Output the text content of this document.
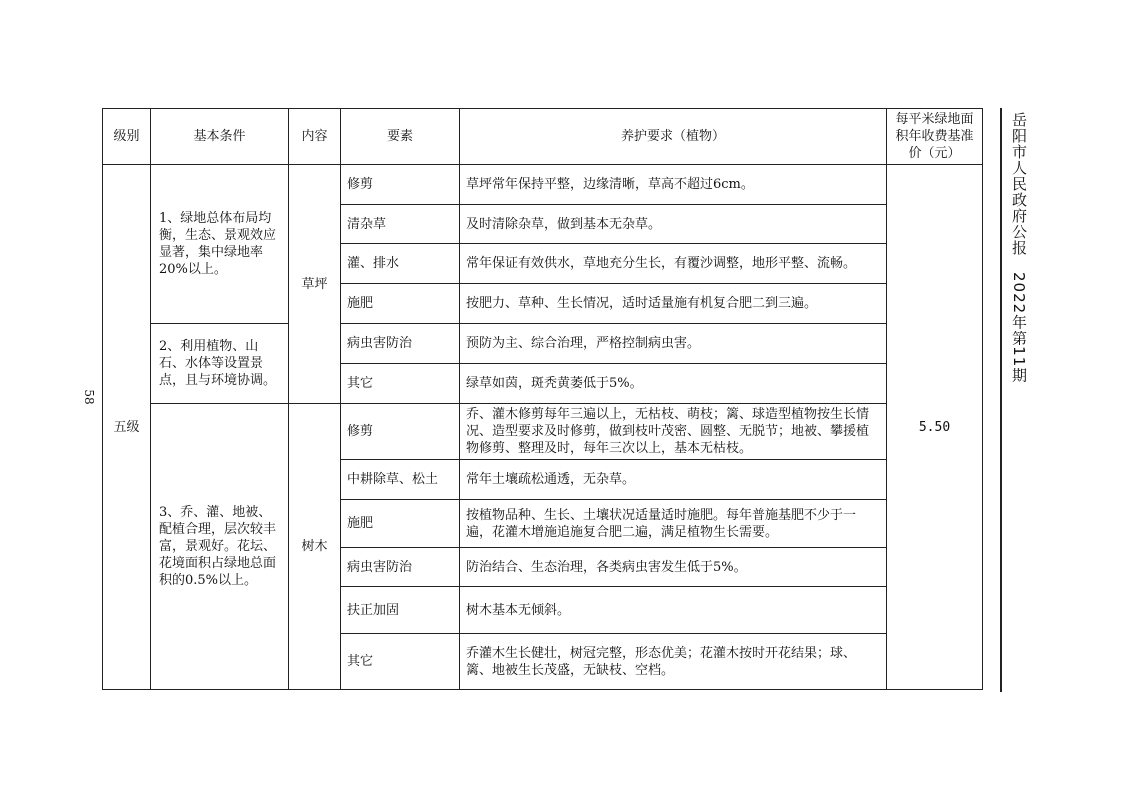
58
岳阳市人民政府公报　2022年第11期
级别	基本条件	内容	要素	养护要求（植物）	每平米绿地面积年收费基准价（元）
五级	1、绿地总体布局均衡，生态、景观效应显著，集中绿地率20%以上。	草坪	修剪	草坪常年保持平整，边缘清晰，草高不超过6cm。	5.50
			清杂草	及时清除杂草，做到基本无杂草。	
			灌、排水	常年保证有效供水，草地充分生长，有覆沙调整，地形平整、流畅。	
			施肥	按肥力、草种、生长情况，适时适量施有机复合肥二到三遍。	
	2、利用植物、山石、水体等设置景点，且与环境协调。		病虫害防治	预防为主、综合治理，严格控制病虫害。	
			其它	绿草如茵，斑秃黄萎低于5%。	
	3、乔、灌、地被、配植合理，层次较丰富，景观好。花坛、花境面积占绿地总面积的0.5%以上。	树木	修剪	乔、灌木修剪每年三遍以上，无枯枝、萌枝；篱、球造型植物按生长情况、造型要求及时修剪，做到枝叶茂密、圆整、无脱节；地被、攀援植物修剪、整理及时，每年三次以上，基本无枯枝。	
			中耕除草、松土	常年土壤疏松通透，无杂草。	
			施肥	按植物品种、生长、土壤状况适量适时施肥。每年普施基肥不少于一遍，花灌木增施追施复合肥二遍，满足植物生长需要。	
			病虫害防治	防治结合、生态治理，各类病虫害发生低于5%。	
			扶正加固	树木基本无倾斜。	
			其它	乔灌木生长健壮，树冠完整，形态优美；花灌木按时开花结果；球、篱、地被生长茂盛，无缺枝、空档。	
